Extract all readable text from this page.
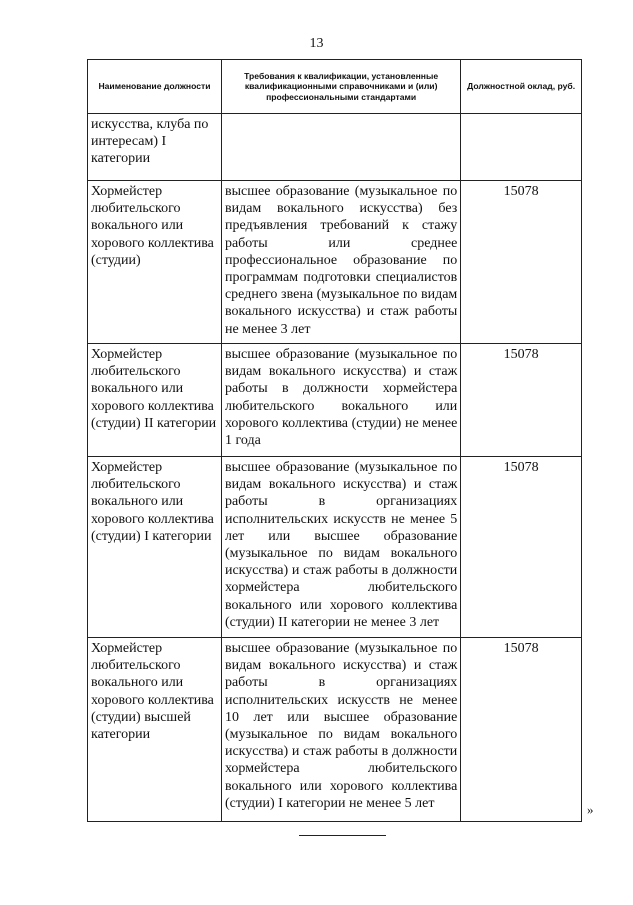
13
Наименование должности	Требования к квалификации, установленные квалификационными справочниками и (или) профессиональными стандартами	Должностной оклад, руб.
искусства, клуба по интересам) I категории		
Хормейстер любительского вокального или хорового коллектива (студии)	высшее образование (музыкальное по видам вокального искусства) без предъявления требований к стажу работы или среднее профессиональное образование по программам подготовки специалистов среднего звена (музыкальное по видам вокального искусства) и стаж работы не менее 3 лет	15078
Хормейстер любительского вокального или хорового коллектива (студии) II категории	высшее образование (музыкальное по видам вокального искусства) и стаж работы в должности хормейстера любительского вокального или хорового коллектива (студии) не менее 1 года	15078
Хормейстер любительского вокального или хорового коллектива (студии) I категории	высшее образование (музыкальное по видам вокального искусства) и стаж работы в организациях исполнительских искусств не менее 5 лет или высшее образование (музыкальное по видам вокального искусства) и стаж работы в должности хормейстера любительского вокального или хорового коллектива (студии) II категории не менее 3 лет	15078
Хормейстер любительского вокального или хорового коллектива (студии) высшей категории	высшее образование (музыкальное по видам вокального искусства) и стаж работы в организациях исполнительских искусств не менее 10 лет или высшее образование (музыкальное по видам вокального искусства) и стаж работы в должности хормейстера любительского вокального или хорового коллектива (студии) I категории не менее 5 лет	15078
»
